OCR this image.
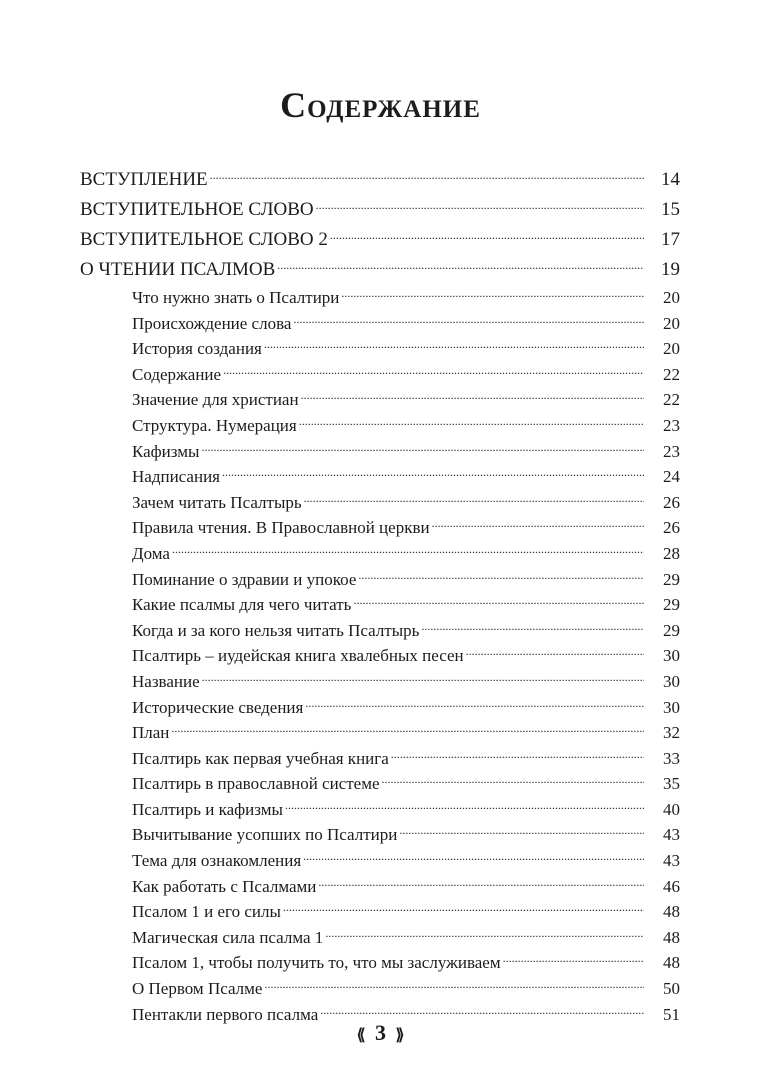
Содержание
ВСТУПЛЕНИЕ . . .	14
ВСТУПИТЕЛЬНОЕ СЛОВО . . .	15
ВСТУПИТЕЛЬНОЕ СЛОВО 2 . . .	17
О ЧТЕНИИ ПСАЛМОВ . . .	19
Что нужно знать о Псалтири . . .	20
Происхождение слова . . .	20
История создания . . .	20
Содержание . . .	22
Значение для христиан . . .	22
Структура. Нумерация . . .	23
Кафизмы . . .	23
Надписания . . .	24
Зачем читать Псалтырь . . .	26
Правила чтения. В Православной церкви . . .	26
Дома . . .	28
Поминание о здравии и упокое . . .	29
Какие псалмы для чего читать . . .	29
Когда и за кого нельзя читать Псалтырь . . .	29
Псалтирь – иудейская книга хвалебных песен . . .	30
Название . . .	30
Исторические сведения . . .	30
План . . .	32
Псалтирь как первая учебная книга . . .	33
Псалтирь в православной системе . . .	35
Псалтирь и кафизмы . . .	40
Вычитывание усопших по Псалтири . . .	43
Тема для ознакомления . . .	43
Как работать с Псалмами . . .	46
Псалом 1 и его силы . . .	48
Магическая сила псалма 1 . . .	48
Псалом 1, чтобы получить то, что мы заслуживаем . . .	48
О Первом Псалме . . .	50
Пентакли первого псалма . . .	51
⟪ 3 ⟫
